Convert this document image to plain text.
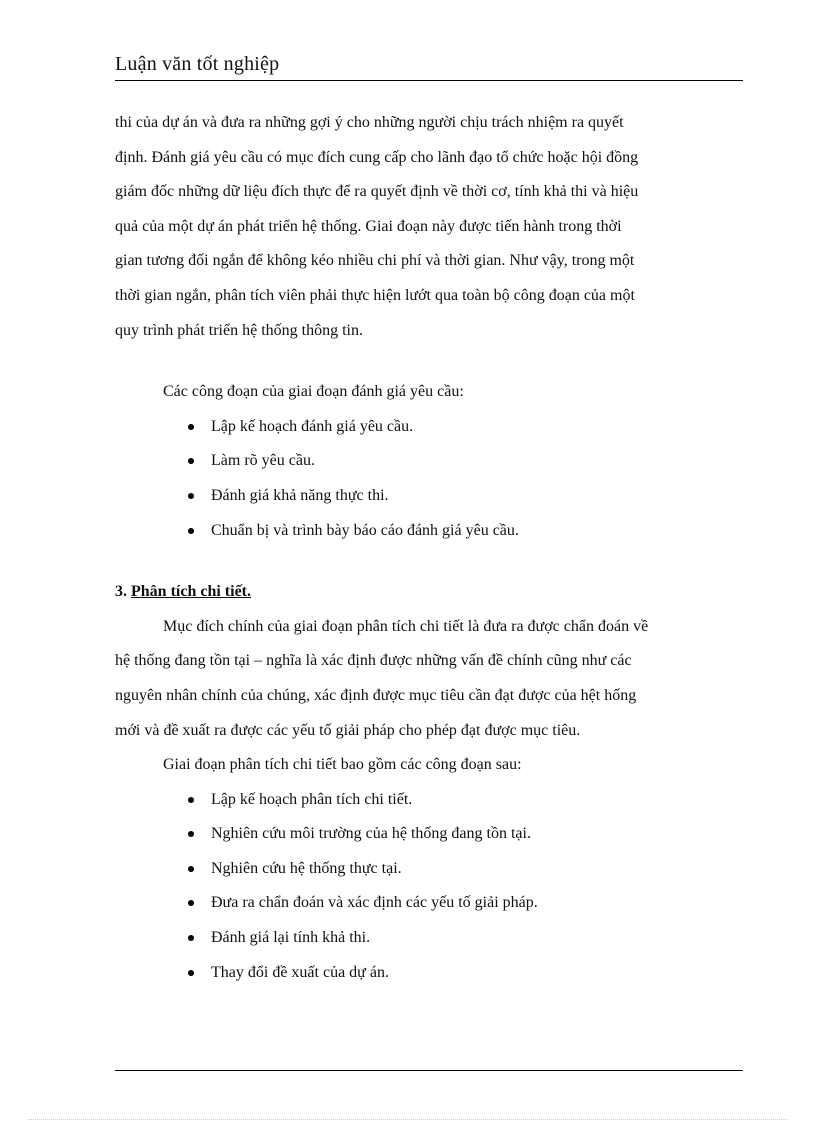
Luận văn tốt nghiệp
thi của dự án và đưa ra những gợi ý cho những người chịu trách nhiệm ra quyết
định. Đánh giá yêu cầu có mục đích cung cấp cho lãnh đạo tổ chức hoặc hội đồng
giám đốc những dữ liệu đích thực để ra quyết định về thời cơ, tính khả thi và hiệu
quả của một dự án phát triển hệ thống. Giai đoạn này được tiến hành trong thời
gian tương đối ngắn để không kéo nhiều chi phí và thời gian. Như vậy, trong một
thời gian ngắn, phân tích viên phải thực hiện lướt qua toàn bộ công đoạn của một
quy trình phát triển hệ thống thông tin.

Các công đoạn của giai đoạn đánh giá yêu cầu:

Lập kế hoạch đánh giá yêu cầu.
Làm rõ yêu cầu.
Đánh giá khả năng thực thi.
Chuẩn bị và trình bày báo cáo đánh giá yêu cầu.

3. Phân tích chi tiết.

Mục đích chính của giai đoạn phân tích chi tiết là đưa ra được chẩn đoán về
hệ thống đang tồn tại – nghĩa là xác định được những vấn đề chính cũng như các
nguyên nhân chính của chúng, xác định được mục tiêu cần đạt được của hệt hống
mới và đề xuất ra được các yếu tố giải pháp cho phép đạt được mục tiêu.

Giai đoạn phân tích chi tiết bao gồm các công đoạn sau:

Lập kế hoạch phân tích chi tiết.
Nghiên cứu môi trường của hệ thống đang tồn tại.
Nghiên cứu hệ thống thực tại.
Đưa ra chẩn đoán và xác định các yếu tố giải pháp.
Đánh giá lại tính khả thi.
Thay đổi đề xuất của dự án.
